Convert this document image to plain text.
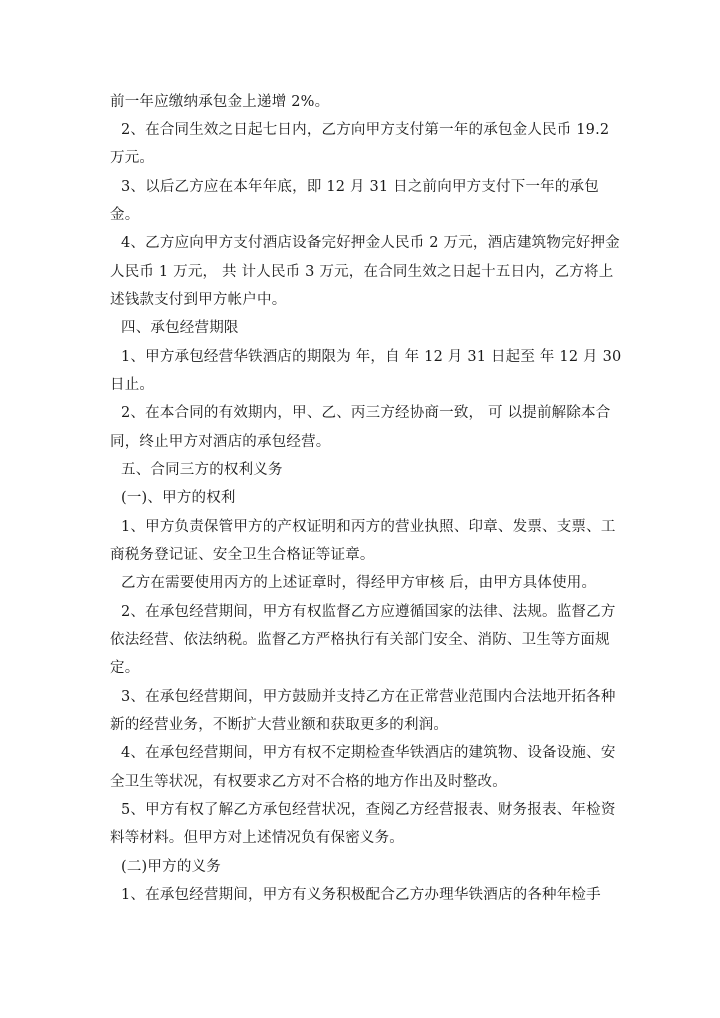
前一年应缴纳承包金上递增 2%。
2、在合同生效之日起七日内，乙方向甲方支付第一年的承包金人民币 19.2
万元。
3、以后乙方应在本年年底，即 12 月 31 日之前向甲方支付下一年的承包
金。
4、乙方应向甲方支付酒店设备完好押金人民币 2 万元，酒店建筑物完好押金
人民币 1 万元， 共 计人民币 3 万元，在合同生效之日起十五日内，乙方将上
述钱款支付到甲方帐户中。
四、承包经营期限
1、甲方承包经营华铁酒店的期限为 年，自 年 12 月 31 日起至 年 12 月 30
日止。
2、在本合同的有效期内，甲、乙、丙三方经协商一致， 可 以提前解除本合
同，终止甲方对酒店的承包经营。
五、合同三方的权利义务
(一)、甲方的权利
1、甲方负责保管甲方的产权证明和丙方的营业执照、印章、发票、支票、工
商税务登记证、安全卫生合格证等证章。
乙方在需要使用丙方的上述证章时，得经甲方审核 后，由甲方具体使用。
2、在承包经营期间，甲方有权监督乙方应遵循国家的法律、法规。监督乙方
依法经营、依法纳税。监督乙方严格执行有关部门安全、消防、卫生等方面规
定。
3、在承包经营期间，甲方鼓励并支持乙方在正常营业范围内合法地开拓各种
新的经营业务，不断扩大营业额和获取更多的利润。
4、在承包经营期间，甲方有权不定期检查华铁酒店的建筑物、设备设施、安
全卫生等状况，有权要求乙方对不合格的地方作出及时整改。
5、甲方有权了解乙方承包经营状况，查阅乙方经营报表、财务报表、年检资
料等材料。但甲方对上述情况负有保密义务。
(二)甲方的义务
1、在承包经营期间，甲方有义务积极配合乙方办理华铁酒店的各种年检手
